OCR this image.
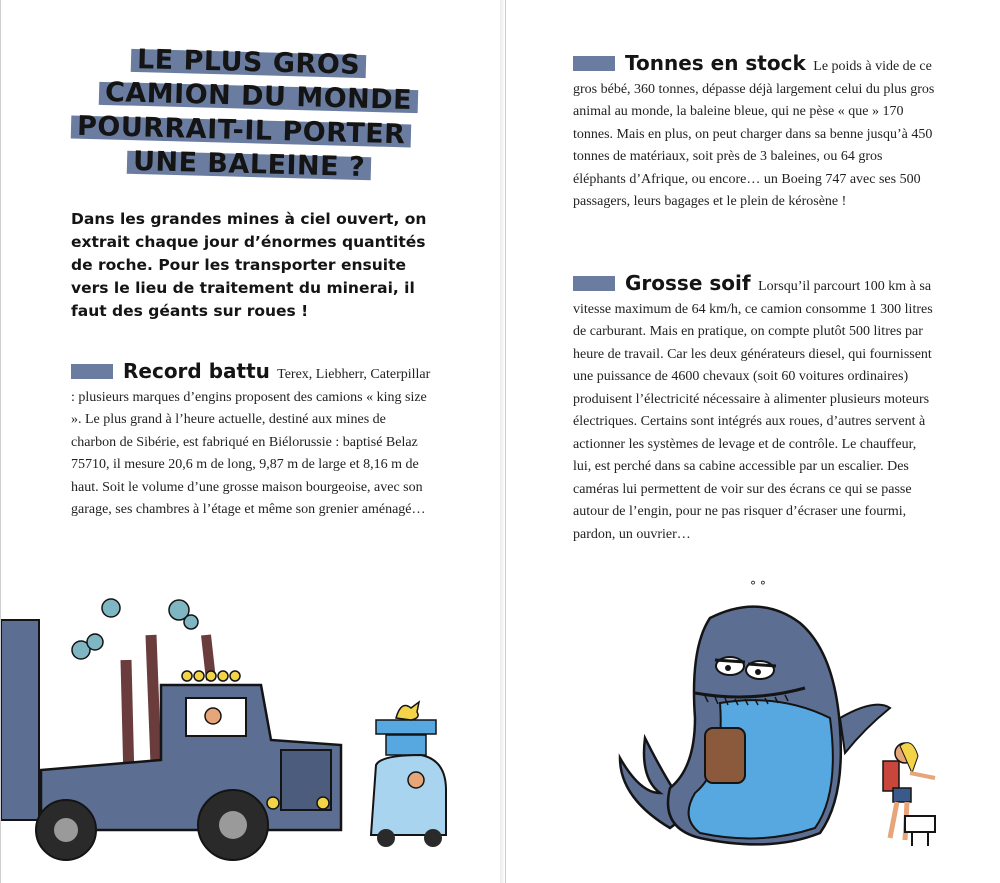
LE PLUS GROS
CAMION DU MONDE
POURRAIT-IL PORTER
UNE BALEINE ?

Dans les grandes mines à ciel ouvert, on extrait chaque jour d’énormes quantités de roche. Pour les transporter ensuite vers le lieu de traitement du minerai, il faut des géants sur roues !

Record battu Terex, Liebherr, Caterpillar : plusieurs marques d’engins proposent des camions « king size ». Le plus grand à l’heure actuelle, destiné aux mines de charbon de Sibérie, est fabriqué en Biélorussie : baptisé Belaz 75710, il mesure 20,6 m de long, 9,87 m de large et 8,16 m de haut. Soit le volume d’une grosse maison bourgeoise, avec son garage, ses chambres à l’étage et même son grenier aménagé…
Tonnes en stock Le poids à vide de ce gros bébé, 360 tonnes, dépasse déjà largement celui du plus gros animal au monde, la baleine bleue, qui ne pèse « que » 170 tonnes. Mais en plus, on peut charger dans sa benne jusqu’à 450 tonnes de matériaux, soit près de 3 baleines, ou 64 gros éléphants d’Afrique, ou encore… un Boeing 747 avec ses 500 passagers, leurs bagages et le plein de kérosène !
Grosse soif Lorsqu’il parcourt 100 km à sa vitesse maximum de 64 km/h, ce camion consomme 1 300 litres de carburant. Mais en pratique, on compte plutôt 500 litres par heure de travail. Car les deux générateurs diesel, qui fournissent une puissance de 4600 chevaux (soit 60 voitures ordinaires) produisent l’électricité nécessaire à alimenter plusieurs moteurs électriques. Certains sont intégrés aux roues, d’autres servent à actionner les systèmes de levage et de contrôle. Le chauffeur, lui, est perché dans sa cabine accessible par un escalier. Des caméras lui permettent de voir sur des écrans ce qui se passe autour de l’engin, pour ne pas risquer d’écraser une fourmi, pardon, un ouvrier…
° °
